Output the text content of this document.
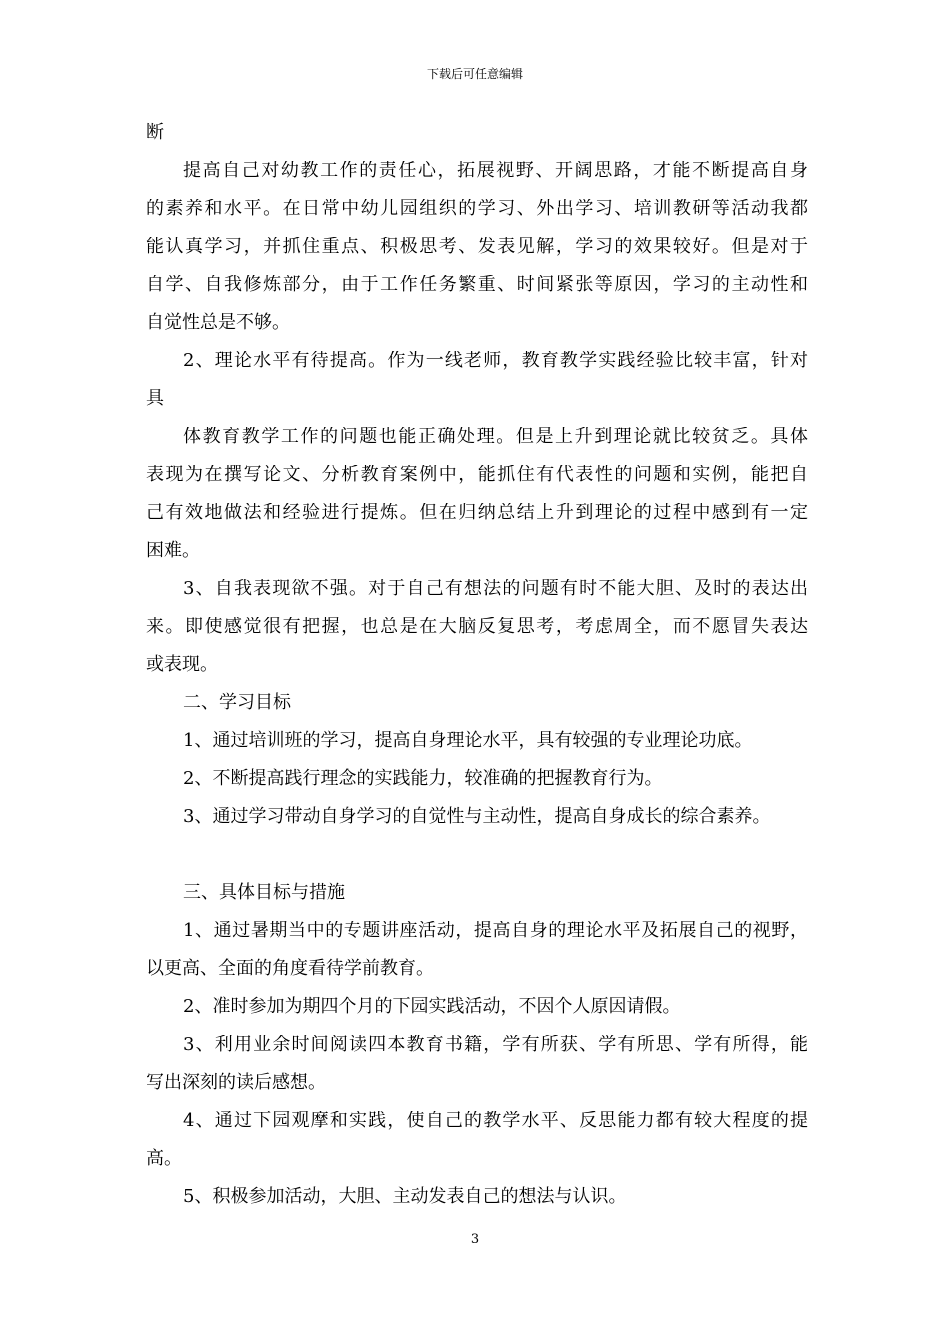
下载后可任意编辑
断
提高自己对幼教工作的责任心，拓展视野、开阔思路，才能不断提高自身
的素养和水平。在日常中幼儿园组织的学习、外出学习、培训教研等活动我都
能认真学习，并抓住重点、积极思考、发表见解，学习的效果较好。但是对于
自学、自我修炼部分，由于工作任务繁重、时间紧张等原因，学习的主动性和
自觉性总是不够。
2、理论水平有待提高。作为一线老师，教育教学实践经验比较丰富，针对
具
体教育教学工作的问题也能正确处理。但是上升到理论就比较贫乏。具体
表现为在撰写论文、分析教育案例中，能抓住有代表性的问题和实例，能把自
己有效地做法和经验进行提炼。但在归纳总结上升到理论的过程中感到有一定
困难。
3、自我表现欲不强。对于自己有想法的问题有时不能大胆、及时的表达出
来。即使感觉很有把握，也总是在大脑反复思考，考虑周全，而不愿冒失表达
或表现。
二、学习目标
1、通过培训班的学习，提高自身理论水平，具有较强的专业理论功底。
2、不断提高践行理念的实践能力，较准确的把握教育行为。
3、通过学习带动自身学习的自觉性与主动性，提高自身成长的综合素养。
三、具体目标与措施
1、通过暑期当中的专题讲座活动，提高自身的理论水平及拓展自己的视野，
以更高、全面的角度看待学前教育。
2、准时参加为期四个月的下园实践活动，不因个人原因请假。
3、利用业余时间阅读四本教育书籍，学有所获、学有所思、学有所得，能
写出深刻的读后感想。
4、通过下园观摩和实践，使自己的教学水平、反思能力都有较大程度的提
高。
5、积极参加活动，大胆、主动发表自己的想法与认识。
3
